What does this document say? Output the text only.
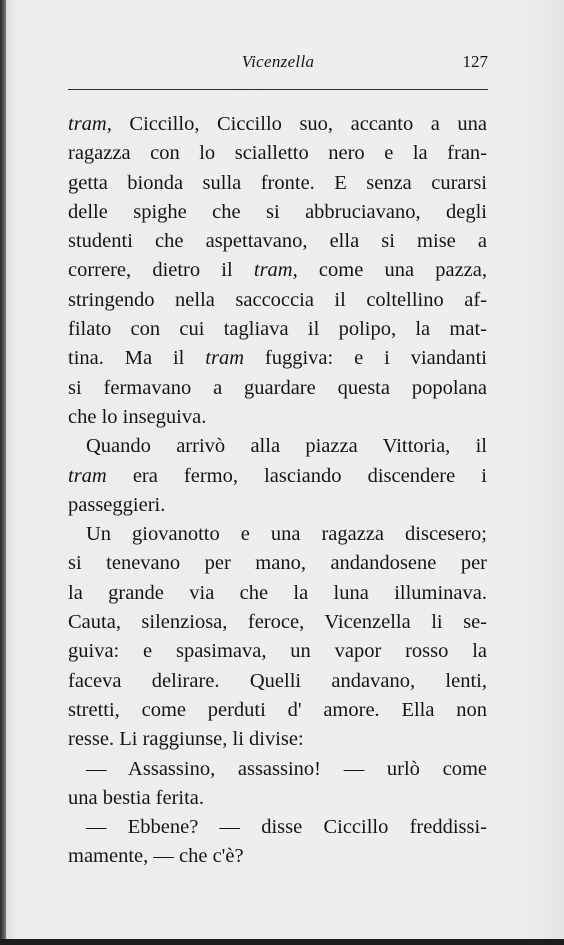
Vicenzella	127
tram, Ciccillo, Ciccillo suo, accanto a una
ragazza con lo scialletto nero e la fran-
getta bionda sulla fronte. E senza curarsi
delle spighe che si abbruciavano, degli
studenti che aspettavano, ella si mise a
correre, dietro il tram, come una pazza,
stringendo nella saccoccia il coltellino af-
filato con cui tagliava il polipo, la mat-
tina. Ma il tram fuggiva: e i viandanti
si fermavano a guardare questa popolana
che lo inseguiva.
Quando arrivò alla piazza Vittoria, il
tram era fermo, lasciando discendere i
passeggieri.
Un giovanotto e una ragazza discesero;
si tenevano per mano, andandosene per
la grande via che la luna illuminava.
Cauta, silenziosa, feroce, Vicenzella li se-
guiva: e spasimava, un vapor rosso la
faceva delirare. Quelli andavano, lenti,
stretti, come perduti d' amore. Ella non
resse. Li raggiunse, li divise:
— Assassino, assassino! — urlò come
una bestia ferita.
— Ebbene? — disse Ciccillo freddissi-
mamente, — che c'è?
